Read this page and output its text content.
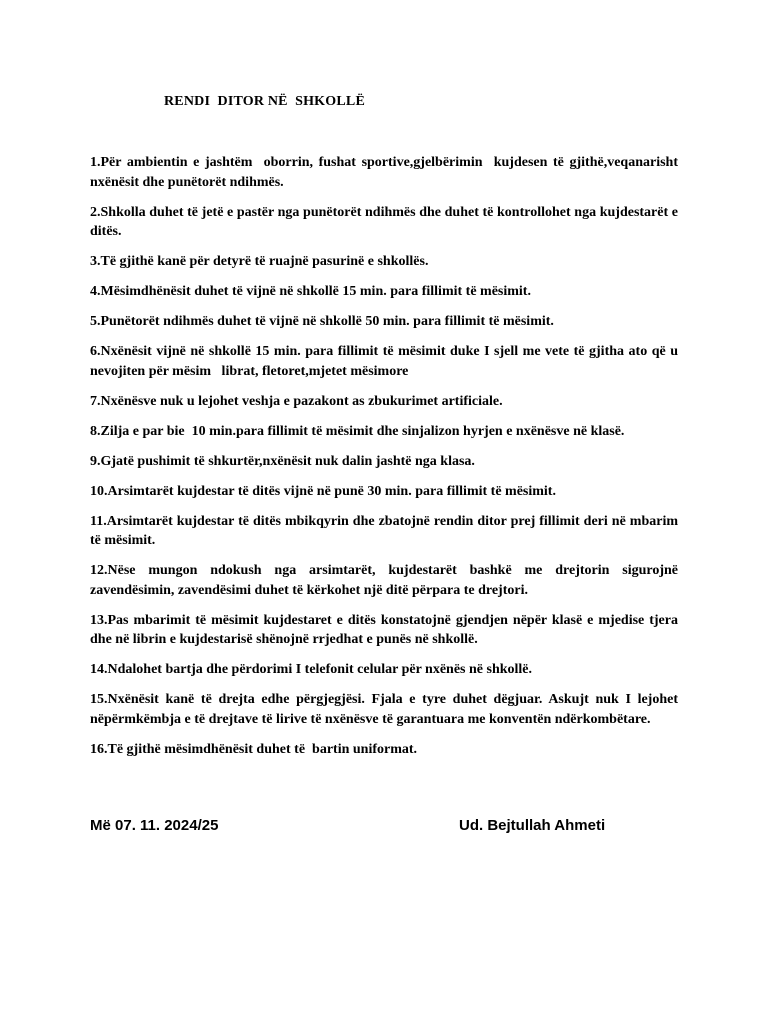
RENDI  DITOR NË  SHKOLLË
1.Për ambientin e jashtëm  oborrin, fushat sportive,gjelbërimin  kujdesen të gjithë,veqanarisht nxënësit dhe punëtorët ndihmës.
2.Shkolla duhet të jetë e pastër nga punëtorët ndihmës dhe duhet të kontrollohet nga kujdestarët e ditës.
3.Të gjithë kanë për detyrë të ruajnë pasurinë e shkollës.
4.Mësimdhënësit duhet të vijnë në shkollë 15 min. para fillimit të mësimit.
5.Punëtorët ndihmës duhet të vijnë në shkollë 50 min. para fillimit të mësimit.
6.Nxënësit vijnë në shkollë 15 min. para fillimit të mësimit duke I sjell me vete të gjitha ato që u nevojiten për mësim   librat, fletoret,mjetet mësimore
7.Nxënësve nuk u lejohet veshja e pazakont as zbukurimet artificiale.
8.Zilja e par bie  10 min.para fillimit të mësimit dhe sinjalizon hyrjen e nxënësve në klasë.
9.Gjatë pushimit të shkurtër,nxënësit nuk dalin jashtë nga klasa.
10.Arsimtarët kujdestar të ditës vijnë në punë 30 min. para fillimit të mësimit.
11.Arsimtarët kujdestar të ditës mbikqyrin dhe zbatojnë rendin ditor prej fillimit deri në mbarim të mësimit.
12.Nëse mungon ndokush nga arsimtarët, kujdestarët bashkë me drejtorin sigurojnë zavendësimin, zavendësimi duhet të kërkohet një ditë përpara te drejtori.
13.Pas mbarimit të mësimit kujdestaret e ditës konstatojnë gjendjen nëpër klasë e mjedise tjera dhe në librin e kujdestarisë shënojnë rrjedhat e punës në shkollë.
14.Ndalohet bartja dhe përdorimi I telefonit celular për nxënës në shkollë.
15.Nxënësit kanë të drejta edhe përgjegjësi. Fjala e tyre duhet dëgjuar. Askujt nuk I lejohet nëpërmkëmbja e të drejtave të lirive të nxënësve të garantuara me konventën ndërkombëtare.
16.Të gjithë mësimdhënësit duhet të  bartin uniformat.
Më 07. 11. 2024/25	Ud. Bejtullah Ahmeti
